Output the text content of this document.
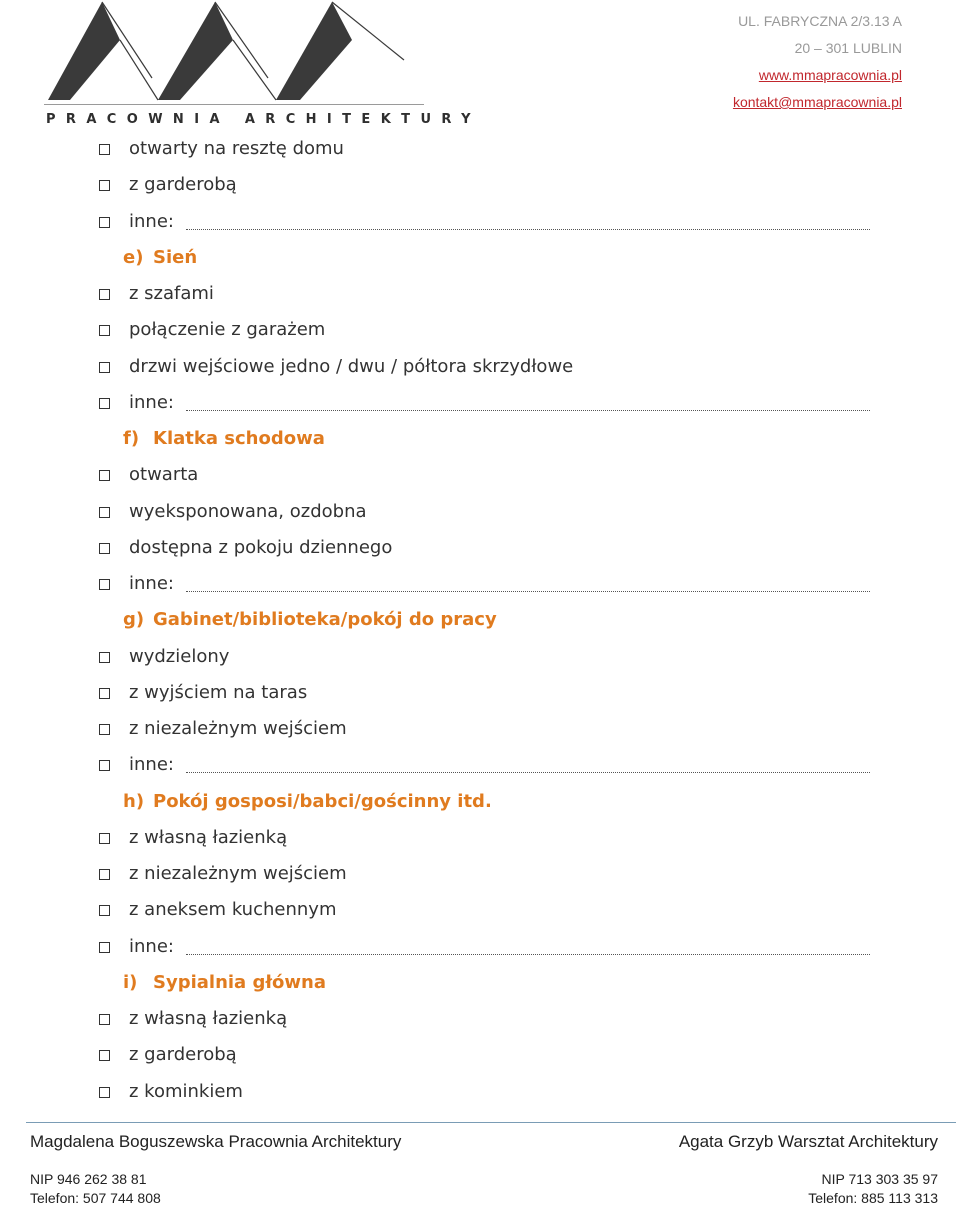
PRACOWNIA ARCHITEKTURY
UL. FABRYCZNA 2/3.13 A
20 – 301 LUBLIN
www.mmapracownia.pl
kontakt@mmapracownia.pl
otwarty na resztę domu
z garderobą
inne:
e) Sień
z szafami
połączenie z garażem
drzwi wejściowe jedno / dwu / półtora skrzydłowe
inne:
f) Klatka schodowa
otwarta
wyeksponowana, ozdobna
dostępna z pokoju dziennego
inne:
g) Gabinet/biblioteka/pokój do pracy
wydzielony
z wyjściem na taras
z niezależnym wejściem
inne:
h) Pokój gosposi/babci/gościnny itd.
z własną łazienką
z niezależnym wejściem
z aneksem kuchennym
inne:
i) Sypialnia główna
z własną łazienką
z garderobą
z kominkiem
Magdalena Boguszewska Pracownia Architektury	Agata Grzyb Warsztat Architektury
NIP 946 262 38 81	NIP 713 303 35 97
Telefon: 507 744 808	Telefon: 885 113 313
